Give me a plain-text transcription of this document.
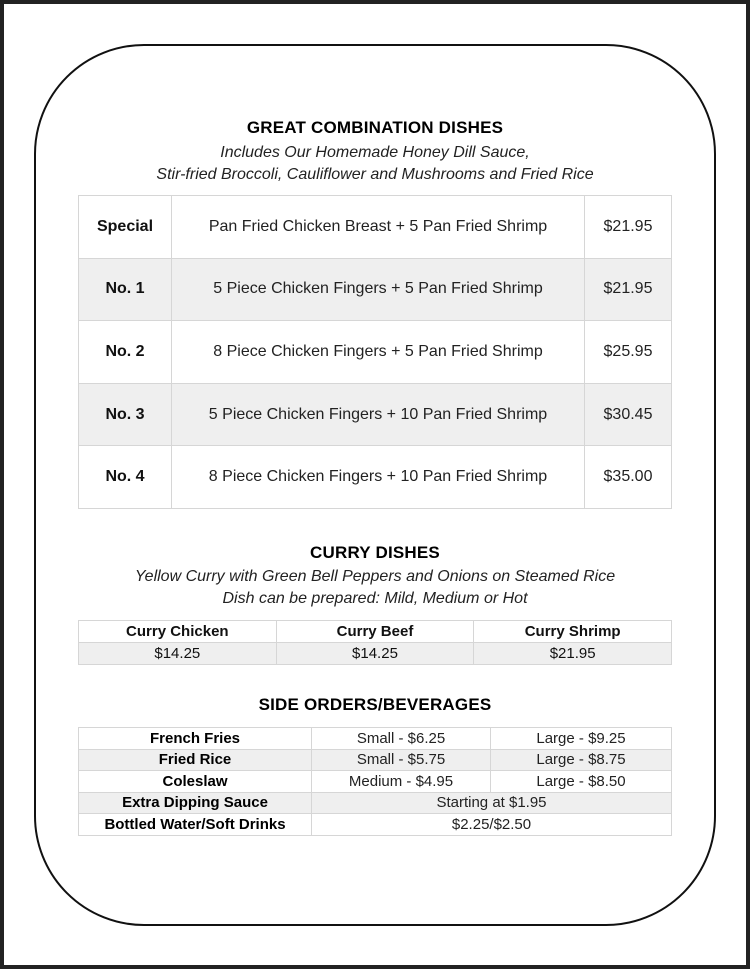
GREAT COMBINATION DISHES
Includes Our Homemade Honey Dill Sauce,
Stir-fried Broccoli, Cauliflower and Mushrooms and Fried Rice
Special	Pan Fried Chicken Breast + 5 Pan Fried Shrimp	$21.95
No. 1	5 Piece Chicken Fingers + 5 Pan Fried Shrimp	$21.95
No. 2	8 Piece Chicken Fingers + 5 Pan Fried Shrimp	$25.95
No. 3	5 Piece Chicken Fingers + 10 Pan Fried Shrimp	$30.45
No. 4	8 Piece Chicken Fingers + 10 Pan Fried Shrimp	$35.00
CURRY DISHES
Yellow Curry with Green Bell Peppers and Onions on Steamed Rice
Dish can be prepared: Mild, Medium or Hot
Curry Chicken	Curry Beef	Curry Shrimp
$14.25	$14.25	$21.95
SIDE ORDERS/BEVERAGES
French Fries	Small - $6.25	Large - $9.25
Fried Rice	Small - $5.75	Large - $8.75
Coleslaw	Medium - $4.95	Large - $8.50
Extra Dipping Sauce	Starting at $1.95	
Bottled Water/Soft Drinks	$2.25/$2.50	
